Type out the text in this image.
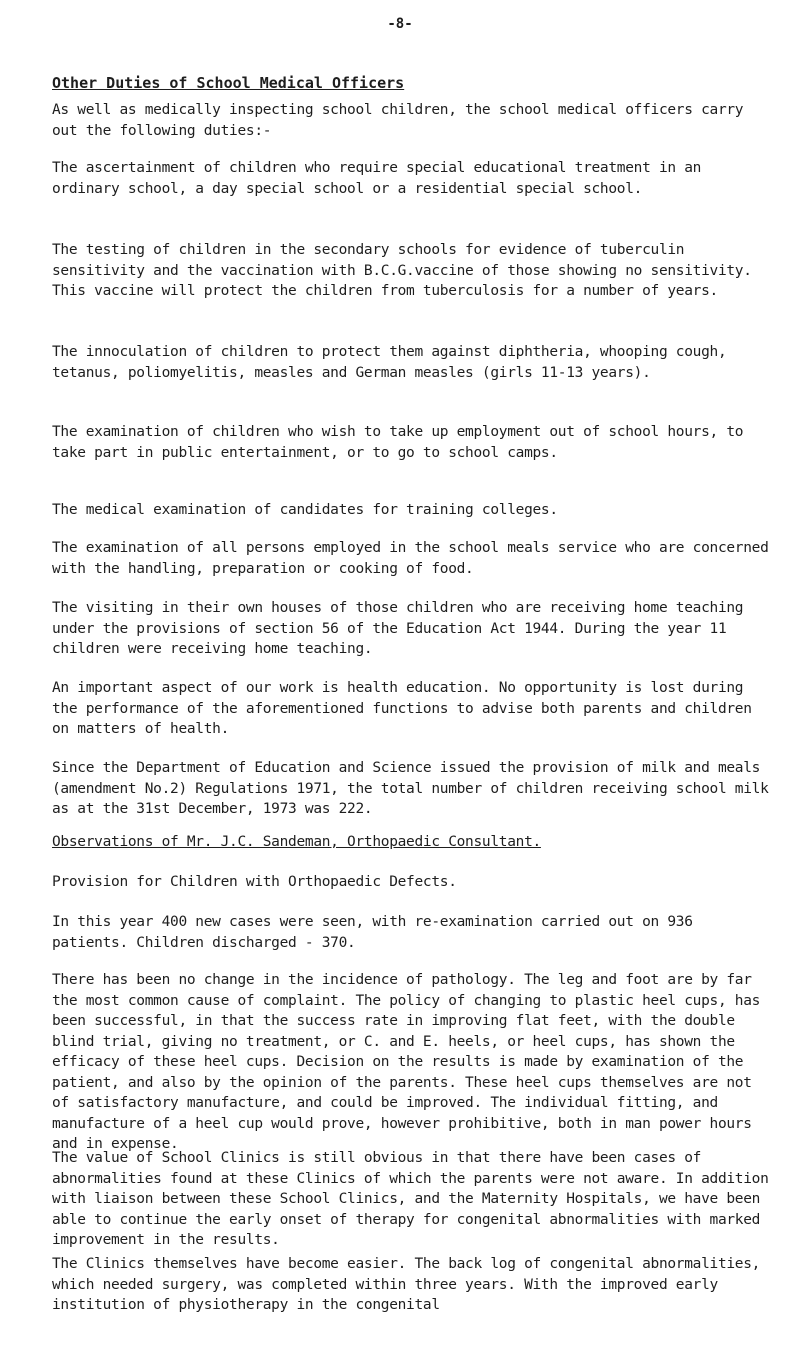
-8-
Other Duties of School Medical Officers

As well as medically inspecting school children, the school medical officers carry out the following duties:-

The ascertainment of children who require special educational treatment in an ordinary school, a day special school or a residential special school.

The testing of children in the secondary schools for evidence of tuberculin sensitivity and the vaccination with B.C.G.vaccine of those showing no sensitivity. This vaccine will protect the children from tuberculosis for a number of years.

The innoculation of children to protect them against diphtheria, whooping cough, tetanus, poliomyelitis, measles and German measles (girls 11-13 years).

The examination of children who wish to take up employment out of school hours, to take part in public entertainment, or to go to school camps.

The medical examination of candidates for training colleges.

The examination of all persons employed in the school meals service who are concerned with the handling, preparation or cooking of food.

The visiting in their own houses of those children who are receiving home teaching under the provisions of section 56 of the Education Act 1944. During the year 11 children were receiving home teaching.

An important aspect of our work is health education. No opportunity is lost during the performance of the aforementioned functions to advise both parents and children on matters of health.

Since the Department of Education and Science issued the provision of milk and meals (amendment No.2) Regulations 1971, the total number of children receiving school milk as at the 31st December, 1973 was 222.

Observations of Mr. J.C. Sandeman, Orthopaedic Consultant.

Provision for Children with Orthopaedic Defects.

In this year 400 new cases were seen, with re-examination carried out on 936 patients. Children discharged - 370.

There has been no change in the incidence of pathology. The leg and foot are by far the most common cause of complaint. The policy of changing to plastic heel cups, has been successful, in that the success rate in improving flat feet, with the double blind trial, giving no treatment, or C. and E. heels, or heel cups, has shown the efficacy of these heel cups. Decision on the results is made by examination of the patient, and also by the opinion of the parents. These heel cups themselves are not of satisfactory manufacture, and could be improved. The individual fitting, and manufacture of a heel cup would prove, however prohibitive, both in man power hours and in expense.

The value of School Clinics is still obvious in that there have been cases of abnormalities found at these Clinics of which the parents were not aware. In addition with liaison between these School Clinics, and the Maternity Hospitals, we have been able to continue the early onset of therapy for congenital abnormalities with marked improvement in the results.

The Clinics themselves have become easier. The back log of congenital abnormalities, which needed surgery, was completed within three years. With the improved early institution of physiotherapy in the congenital
